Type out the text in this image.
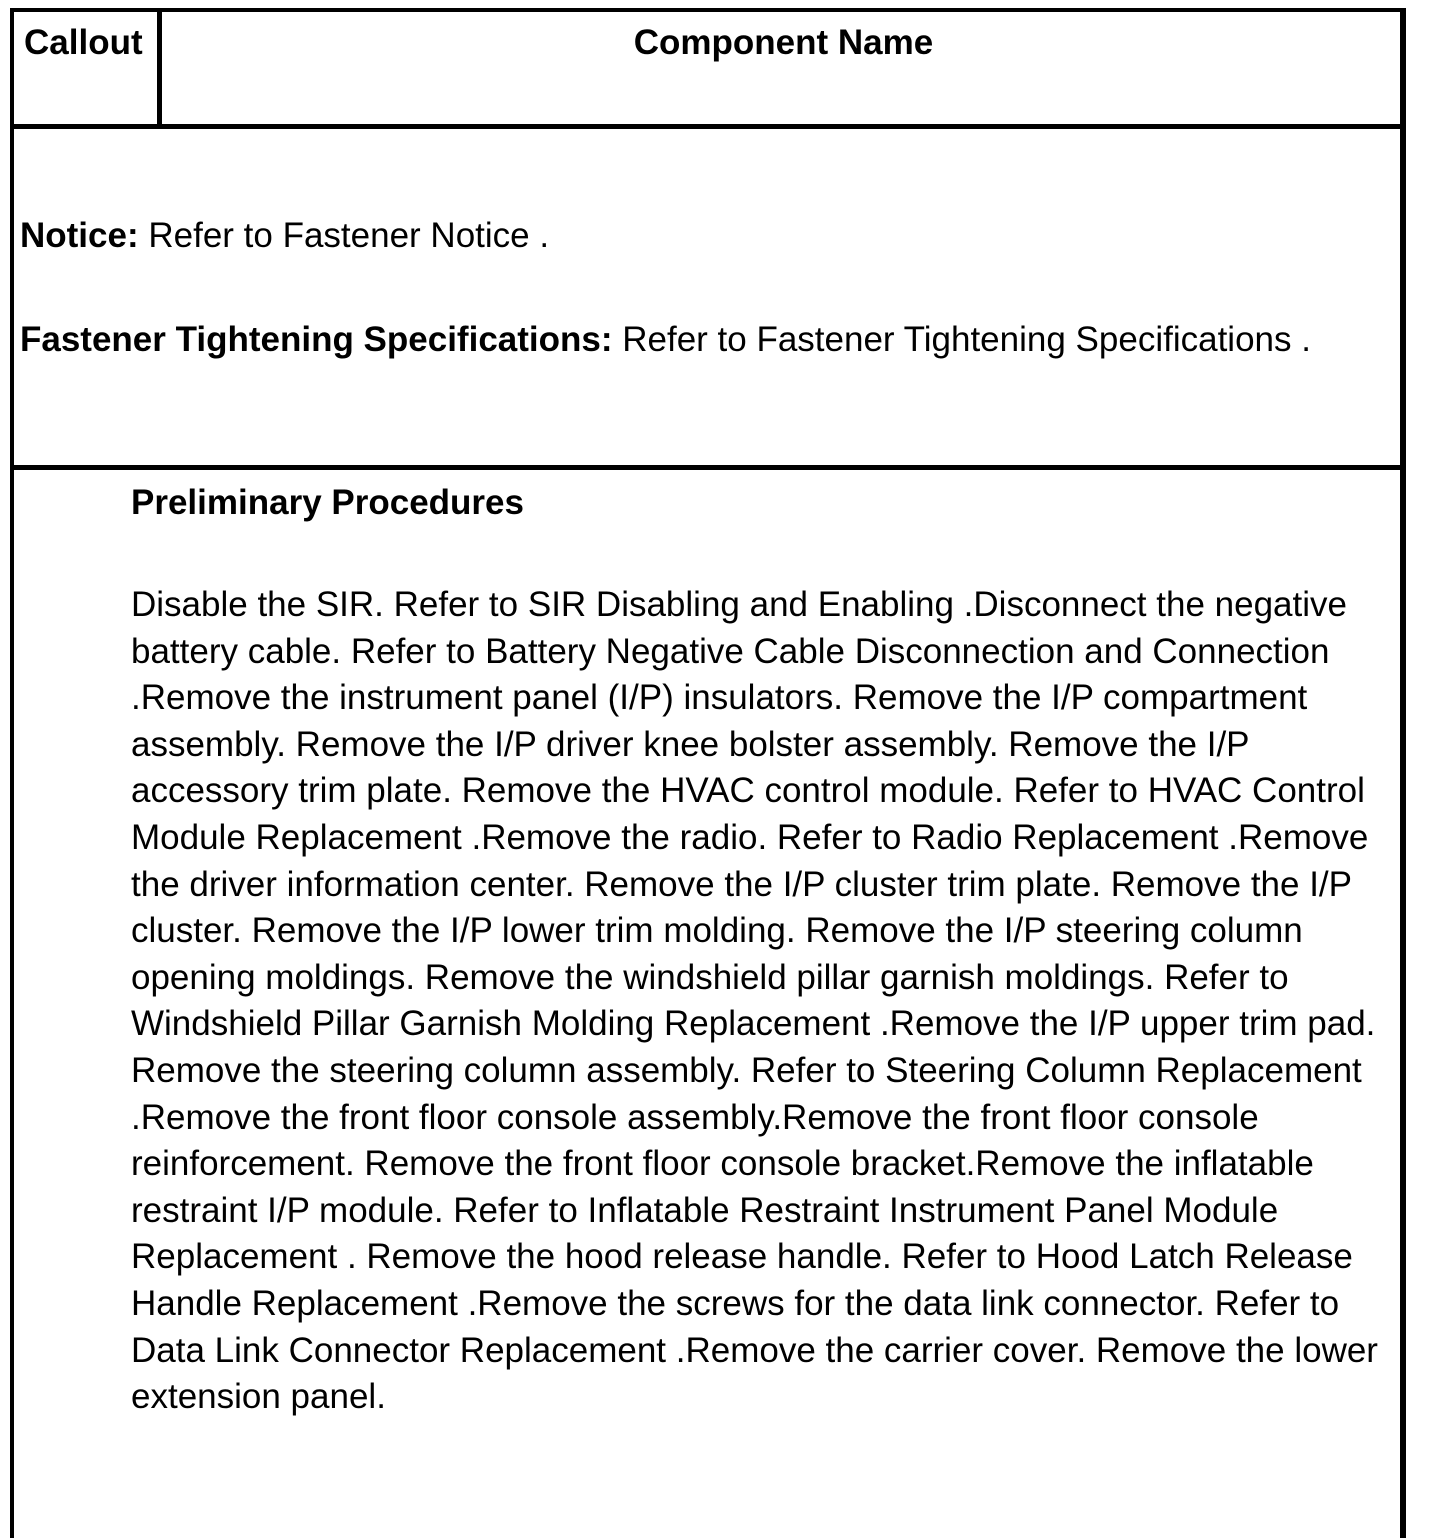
Callout	Component Name
Notice: Refer to Fastener Notice .
Fastener Tightening Specifications: Refer to Fastener Tightening Specifications .
Preliminary Procedures

Disable the SIR. Refer to SIR Disabling and Enabling .Disconnect the negative battery cable. Refer to Battery Negative Cable Disconnection and Connection .Remove the instrument panel (I/P) insulators. Remove the I/P compartment assembly. Remove the I/P driver knee bolster assembly. Remove the I/P accessory trim plate. Remove the HVAC control module. Refer to HVAC Control Module Replacement .Remove the radio. Refer to Radio Replacement .Remove the driver information center. Remove the I/P cluster trim plate. Remove the I/P cluster. Remove the I/P lower trim molding. Remove the I/P steering column opening moldings. Remove the windshield pillar garnish moldings. Refer to Windshield Pillar Garnish Molding Replacement .Remove the I/P upper trim pad. Remove the steering column assembly. Refer to Steering Column Replacement .Remove the front floor console assembly.Remove the front floor console reinforcement. Remove the front floor console bracket.Remove the inflatable restraint I/P module. Refer to Inflatable Restraint Instrument Panel Module Replacement . Remove the hood release handle. Refer to Hood Latch Release Handle Replacement .Remove the screws for the data link connector. Refer to Data Link Connector Replacement .Remove the carrier cover. Remove the lower extension panel.
